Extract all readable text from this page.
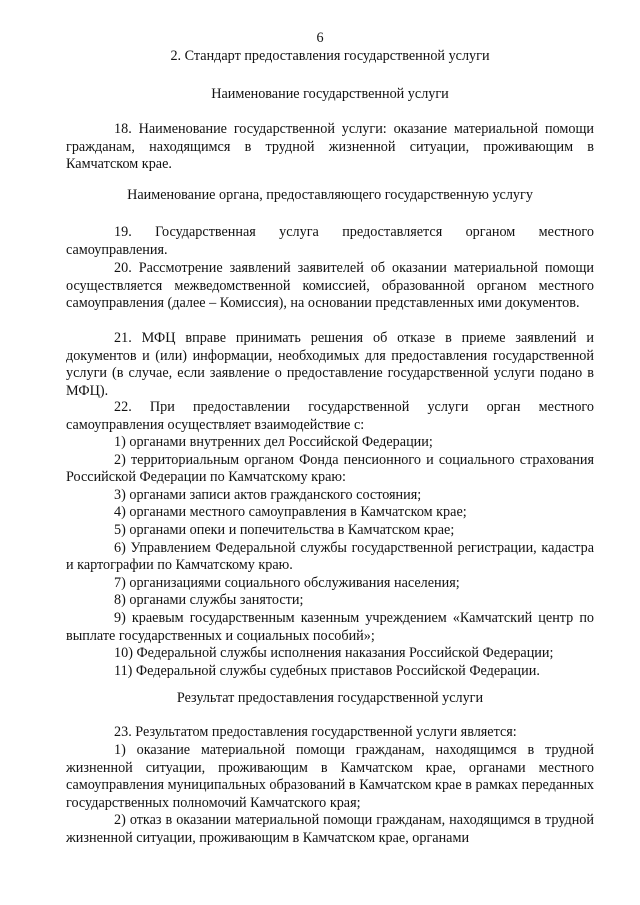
6
2. Стандарт предоставления государственной услуги
Наименование государственной услуги
18. Наименование государственной услуги: оказание материальной помощи гражданам, находящимся в трудной жизненной ситуации, проживающим в Камчатском крае.
Наименование органа, предоставляющего государственную услугу
19. Государственная услуга предоставляется органом местного самоуправления.
20. Рассмотрение заявлений заявителей об оказании материальной помощи осуществляется межведомственной комиссией, образованной органом местного самоуправления (далее – Комиссия), на основании представленных ими документов.
21. МФЦ вправе принимать решения об отказе в приеме заявлений и документов и (или) информации, необходимых для предоставления государственной услуги (в случае, если заявление о предоставление государственной услуги подано в МФЦ).
22. При предоставлении государственной услуги орган местного самоуправления осуществляет взаимодействие с:
1) органами внутренних дел Российской Федерации;
2) территориальным органом Фонда пенсионного и социального страхования Российской Федерации по Камчатскому краю:
3) органами записи актов гражданского состояния;
4) органами местного самоуправления в Камчатском крае;
5) органами опеки и попечительства в Камчатском крае;
6) Управлением Федеральной службы государственной регистрации, кадастра и картографии по Камчатскому краю.
7) организациями социального обслуживания населения;
8) органами службы занятости;
9) краевым государственным казенным учреждением «Камчатский центр по выплате государственных и социальных пособий»;
10) Федеральной службы исполнения наказания Российской Федерации;
11) Федеральной службы судебных приставов Российской Федерации.
Результат предоставления государственной услуги
23. Результатом предоставления государственной услуги является:
1) оказание материальной помощи гражданам, находящимся в трудной жизненной ситуации, проживающим в Камчатском крае, органами местного самоуправления муниципальных образований в Камчатском крае в рамках переданных государственных полномочий Камчатского края;
2) отказ в оказании материальной помощи гражданам, находящимся в трудной жизненной ситуации, проживающим в Камчатском крае, органами
